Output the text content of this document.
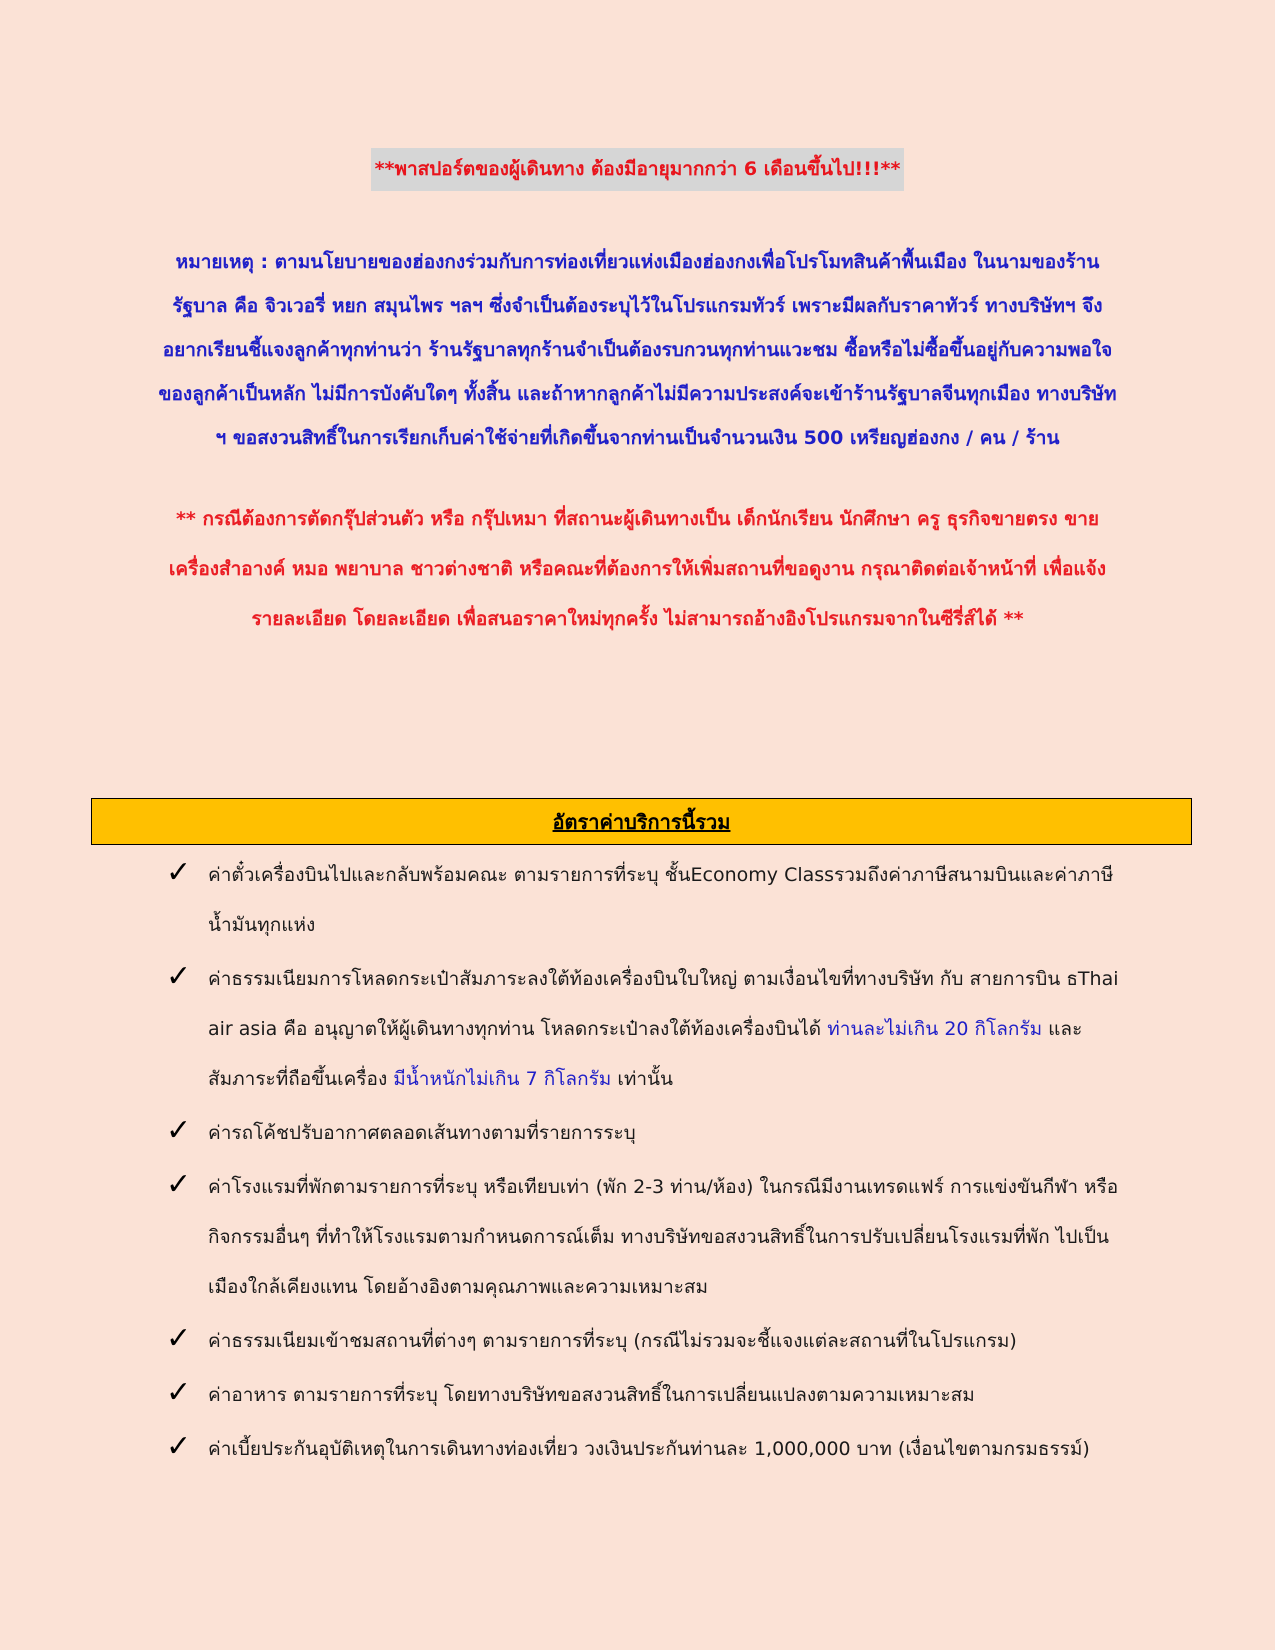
**พาสปอร์ตของผู้เดินทาง ต้องมีอายุมากกว่า 6 เดือนขึ้นไป!!!**
หมายเหตุ : ตามนโยบายของฮ่องกงร่วมกับการท่องเที่ยวแห่งเมืองฮ่องกงเพื่อโปรโมทสินค้าพื้นเมือง ในนามของร้าน
รัฐบาล คือ จิวเวอรี่ หยก สมุนไพร ฯลฯ ซึ่งจำเป็นต้องระบุไว้ในโปรแกรมทัวร์ เพราะมีผลกับราคาทัวร์ ทางบริษัทฯ จึง
อยากเรียนชี้แจงลูกค้าทุกท่านว่า ร้านรัฐบาลทุกร้านจำเป็นต้องรบกวนทุกท่านแวะชม ซื้อหรือไม่ซื้อขึ้นอยู่กับความพอใจ
ของลูกค้าเป็นหลัก ไม่มีการบังคับใดๆ ทั้งสิ้น และถ้าหากลูกค้าไม่มีความประสงค์จะเข้าร้านรัฐบาลจีนทุกเมือง ทางบริษัท
ฯ ขอสงวนสิทธิ์ในการเรียกเก็บค่าใช้จ่ายที่เกิดขึ้นจากท่านเป็นจำนวนเงิน 500 เหรียญฮ่องกง / คน / ร้าน
** กรณีต้องการตัดกรุ๊ปส่วนตัว หรือ กรุ๊ปเหมา ที่สถานะผู้เดินทางเป็น เด็กนักเรียน นักศึกษา ครู ธุรกิจขายตรง ขาย
เครื่องสำอางค์ หมอ พยาบาล ชาวต่างชาติ หรือคณะที่ต้องการให้เพิ่มสถานที่ขอดูงาน กรุณาติดต่อเจ้าหน้าที่ เพื่อแจ้ง
รายละเอียด โดยละเอียด เพื่อสนอราคาใหม่ทุกครั้ง ไม่สามารถอ้างอิงโปรแกรมจากในซีรี่ส์ได้ **
อัตราค่าบริการนี้รวม
✓ ค่าตั๋วเครื่องบินไปและกลับพร้อมคณะ ตามรายการที่ระบุ ชั้นEconomy Classรวมถึงค่าภาษีสนามบินและค่าภาษี
น้ำมันทุกแห่ง
✓ ค่าธรรมเนียมการโหลดกระเป๋าสัมภาระลงใต้ท้องเครื่องบินใบใหญ่ ตามเงื่อนไขที่ทางบริษัท กับ สายการบิน ธThai
air asia คือ อนุญาตให้ผู้เดินทางทุกท่าน โหลดกระเป๋าลงใต้ท้องเครื่องบินได้ ท่านละไม่เกิน 20 กิโลกรัม และ
สัมภาระที่ถือขึ้นเครื่อง มีน้ำหนักไม่เกิน 7 กิโลกรัม เท่านั้น
✓ ค่ารถโค้ชปรับอากาศตลอดเส้นทางตามที่รายการระบุ
✓ ค่าโรงแรมที่พักตามรายการที่ระบุ หรือเทียบเท่า (พัก 2-3 ท่าน/ห้อง) ในกรณีมีงานเทรดแฟร์ การแข่งขันกีฬา หรือ
กิจกรรมอื่นๆ ที่ทำให้โรงแรมตามกำหนดการณ์เต็ม ทางบริษัทขอสงวนสิทธิ์ในการปรับเปลี่ยนโรงแรมที่พัก ไปเป็น
เมืองใกล้เคียงแทน โดยอ้างอิงตามคุณภาพและความเหมาะสม
✓ ค่าธรรมเนียมเข้าชมสถานที่ต่างๆ ตามรายการที่ระบุ (กรณีไม่รวมจะชี้แจงแต่ละสถานที่ในโปรแกรม)
✓ ค่าอาหาร ตามรายการที่ระบุ โดยทางบริษัทขอสงวนสิทธิ์ในการเปลี่ยนแปลงตามความเหมาะสม
✓ ค่าเบี้ยประกันอุบัติเหตุในการเดินทางท่องเที่ยว วงเงินประกันท่านละ 1,000,000 บาท (เงื่อนไขตามกรมธรรม์)
